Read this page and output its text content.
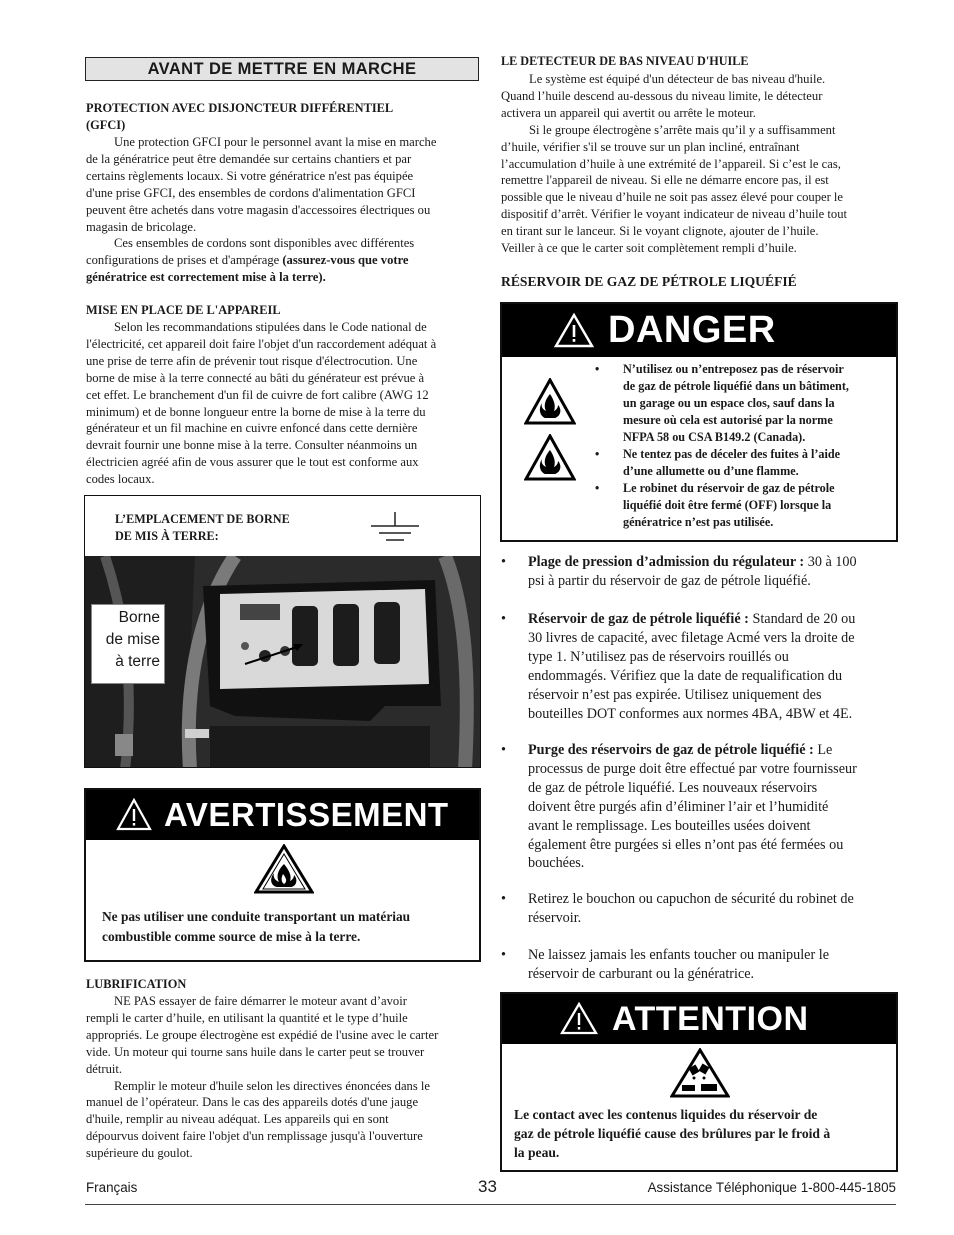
AVANT DE METTRE EN MARCHE
PROTECTION AVEC DISJONCTEUR DIFFÉRENTIEL
(GFCI)
Une protection GFCI pour le personnel avant la mise en marche
de la génératrice peut être demandée sur certains chantiers et par
certains règlements locaux. Si votre génératrice n'est pas équipée
d'une prise GFCI, des ensembles de cordons d'alimentation GFCI
peuvent être achetés dans votre magasin d'accessoires électriques ou
magasin de bricolage.
Ces ensembles de cordons sont disponibles avec différentes
configurations de prises et d'ampérage (assurez-vous que votre
génératrice est correctement mise à la terre).
MISE EN PLACE DE L'APPAREIL
Selon les recommandations stipulées dans le Code national de
l'électricité, cet appareil doit faire l'objet d'un raccordement adéquat à
une prise de terre afin de prévenir tout risque d'électrocution. Une
borne de mise à la terre connecté au bâti du générateur est prévue à
cet effet. Le branchement d'un fil de cuivre de fort calibre (AWG 12
minimum) et de bonne longueur entre la borne de mise à la terre du
générateur et un fil machine en cuivre enfoncé dans cette dernière
devrait fournir une bonne mise à la terre. Consulter néanmoins un
électricien agréé afin de vous assurer que le tout est conforme aux
codes locaux.
L’EMPLACEMENT DE BORNE
DE MIS À TERRE:
Borne
de mise
à terre
AVERTISSEMENT
Ne pas utiliser une conduite transportant un matériau
combustible comme source de mise à la terre.
LUBRIFICATION
NE PAS essayer de faire démarrer le moteur avant d’avoir
rempli le carter d’huile, en utilisant la quantité et le type d’huile
appropriés. Le groupe électrogène est expédié de l'usine avec le carter
vide. Un moteur qui tourne sans huile dans le carter peut se trouver
détruit.
Remplir le moteur d'huile selon les directives énoncées dans le
manuel de l’opérateur. Dans le cas des appareils dotés d'une jauge
d'huile, remplir au niveau adéquat. Les appareils qui en sont
dépourvus doivent faire l'objet d'un remplissage jusqu'à l'ouverture
supérieure du goulot.
LE DETECTEUR DE BAS NIVEAU D'HUILE
Le système est équipé d'un détecteur de bas niveau d'huile.
Quand l’huile descend au-dessous du niveau limite, le détecteur
activera un appareil qui avertit ou arrête le moteur.
Si le groupe électrogène s’arrête mais qu’il y a suffisamment
d’huile, vérifier s'il se trouve sur un plan incliné, entraînant
l’accumulation d’huile à une extrémité de l’appareil. Si c’est le cas,
remettre l'appareil de niveau. Si elle ne démarre encore pas, il est
possible que le niveau d’huile ne soit pas assez élevé pour couper le
dispositif d’arrêt. Vérifier le voyant indicateur de niveau d’huile tout
en tirant sur le lanceur. Si le voyant clignote, ajouter de l’huile.
Veiller à ce que le carter soit complètement rempli d’huile.
RÉSERVOIR DE GAZ DE PÉTROLE LIQUÉFIÉ
DANGER
• N’utilisez ou n’entreposez pas de réservoir
de gaz de pétrole liquéfié dans un bâtiment,
un garage ou un espace clos, sauf dans la
mesure où cela est autorisé par la norme
NFPA 58 ou CSA B149.2 (Canada).
• Ne tentez pas de déceler des fuites à l’aide
d’une allumette ou d’une flamme.
• Le robinet du réservoir de gaz de pétrole
liquéfié doit être fermé (OFF) lorsque la
génératrice n’est pas utilisée.
• Plage de pression d’admission du régulateur : 30 à 100
psi à partir du réservoir de gaz de pétrole liquéfié.
• Réservoir de gaz de pétrole liquéfié : Standard de 20 ou
30 livres de capacité, avec filetage Acmé vers la droite de
type 1. N’utilisez pas de réservoirs rouillés ou
endommagés. Vérifiez que la date de requalification du
réservoir n’est pas expirée. Utilisez uniquement des
bouteilles DOT conformes aux normes 4BA, 4BW et 4E.
• Purge des réservoirs de gaz de pétrole liquéfié : Le
processus de purge doit être effectué par votre fournisseur
de gaz de pétrole liquéfié. Les nouveaux réservoirs
doivent être purgés afin d’éliminer l’air et l’humidité
avant le remplissage. Les bouteilles usées doivent
également être purgées si elles n’ont pas été fermées ou
bouchées.
• Retirez le bouchon ou capuchon de sécurité du robinet de
réservoir.
• Ne laissez jamais les enfants toucher ou manipuler le
réservoir de carburant ou la génératrice.
ATTENTION
Le contact avec les contenus liquides du réservoir de
gaz de pétrole liquéfié cause des brûlures par le froid à
la peau.
Français	33	Assistance Téléphonique 1-800-445-1805
